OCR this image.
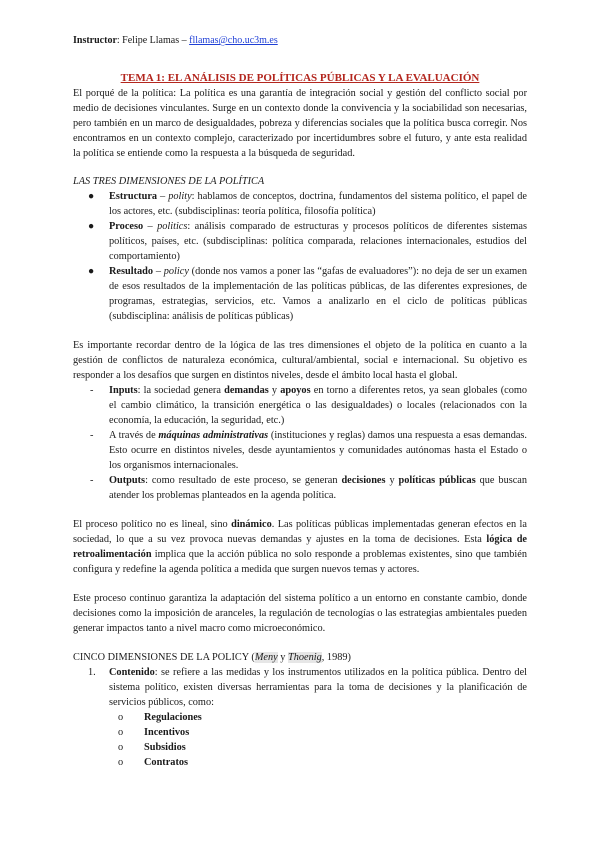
Instructor: Felipe Llamas – fllamas@cho.uc3m.es
TEMA 1: EL ANÁLISIS DE POLÍTICAS PÚBLICAS Y LA EVALUACIÓN

El porqué de la política: La política es una garantía de integración social y gestión del conflicto social por medio de decisiones vinculantes. Surge en un contexto donde la convivencia y la sociabilidad son necesarias, pero también en un marco de desigualdades, pobreza y diferencias sociales que la política busca corregir. Nos encontramos en un contexto complejo, caracterizado por incertidumbres sobre el futuro, y ante esta realidad la política se entiende como la respuesta a la búsqueda de seguridad.

LAS TRES DIMENSIONES DE LA POLÍTICA

● Estructura – polity: hablamos de conceptos, doctrina, fundamentos del sistema político, el papel de los actores, etc. (subdisciplinas: teoría política, filosofía política)
● Proceso – politics: análisis comparado de estructuras y procesos políticos de diferentes sistemas políticos, países, etc. (subdisciplinas: política comparada, relaciones internacionales, estudios del comportamiento)
● Resultado – policy (donde nos vamos a poner las “gafas de evaluadores”): no deja de ser un examen de esos resultados de la implementación de las políticas públicas, de las diferentes expresiones, de programas, estrategias, servicios, etc. Vamos a analizarlo en el ciclo de políticas públicas (subdisciplina: análisis de políticas públicas)

Es importante recordar dentro de la lógica de las tres dimensiones el objeto de la política en cuanto a la gestión de conflictos de naturaleza económica, cultural/ambiental, social e internacional. Su objetivo es responder a los desafíos que surgen en distintos niveles, desde el ámbito local hasta el global.

- Inputs: la sociedad genera demandas y apoyos en torno a diferentes retos, ya sean globales (como el cambio climático, la transición energética o las desigualdades) o locales (relacionados con la economía, la educación, la seguridad, etc.)
- A través de máquinas administrativas (instituciones y reglas) damos una respuesta a esas demandas. Esto ocurre en distintos niveles, desde ayuntamientos y comunidades autónomas hasta el Estado o los organismos internacionales.
- Outputs: como resultado de este proceso, se generan decisiones y políticas públicas que buscan atender los problemas planteados en la agenda política.

El proceso político no es lineal, sino dinámico. Las políticas públicas implementadas generan efectos en la sociedad, lo que a su vez provoca nuevas demandas y ajustes en la toma de decisiones. Esta lógica de retroalimentación implica que la acción pública no solo responde a problemas existentes, sino que también configura y redefine la agenda política a medida que surgen nuevos temas y actores.

Este proceso continuo garantiza la adaptación del sistema político a un entorno en constante cambio, donde decisiones como la imposición de aranceles, la regulación de tecnologías o las estrategias ambientales pueden generar impactos tanto a nivel macro como microeconómico.

CINCO DIMENSIONES DE LA POLICY (Meny y Thoenig, 1989)

1. Contenido: se refiere a las medidas y los instrumentos utilizados en la política pública. Dentro del sistema político, existen diversas herramientas para la toma de decisiones y la planificación de servicios públicos, como:
o Regulaciones
o Incentivos
o Subsidios
o Contratos
